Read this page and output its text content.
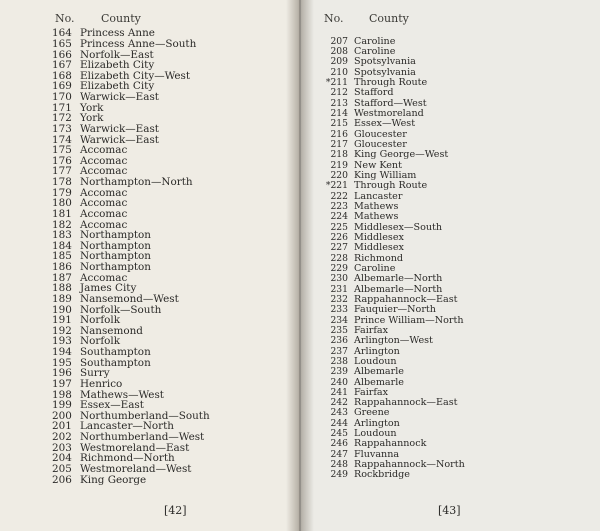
No. County
164 Princess Anne
165 Princess Anne—South
166 Norfolk—East
167 Elizabeth City
168 Elizabeth City—West
169 Elizabeth City
170 Warwick—East
171 York
172 York
173 Warwick—East
174 Warwick—East
175 Accomac
176 Accomac
177 Accomac
178 Northampton—North
179 Accomac
180 Accomac
181 Accomac
182 Accomac
183 Northampton
184 Northampton
185 Northampton
186 Northampton
187 Accomac
188 James City
189 Nansemond—West
190 Norfolk—South
191 Norfolk
192 Nansemond
193 Norfolk
194 Southampton
195 Southampton
196 Surry
197 Henrico
198 Mathews—West
199 Essex—East
200 Northumberland—South
201 Lancaster—North
202 Northumberland—West
203 Westmoreland—East
204 Richmond—North
205 Westmoreland—West
206 King George
[42]
No. County
207 Caroline
208 Caroline
209 Spotsylvania
210 Spotsylvania
*211 Through Route
212 Stafford
213 Stafford—West
214 Westmoreland
215 Essex—West
216 Gloucester
217 Gloucester
218 King George—West
219 New Kent
220 King William
*221 Through Route
222 Lancaster
223 Mathews
224 Mathews
225 Middlesex—South
226 Middlesex
227 Middlesex
228 Richmond
229 Caroline
230 Albemarle—North
231 Albemarle—North
232 Rappahannock—East
233 Fauquier—North
234 Prince William—North
235 Fairfax
236 Arlington—West
237 Arlington
238 Loudoun
239 Albemarle
240 Albemarle
241 Fairfax
242 Rappahannock—East
243 Greene
244 Arlington
245 Loudoun
246 Rappahannock
247 Fluvanna
248 Rappahannock—North
249 Rockbridge
[43]
